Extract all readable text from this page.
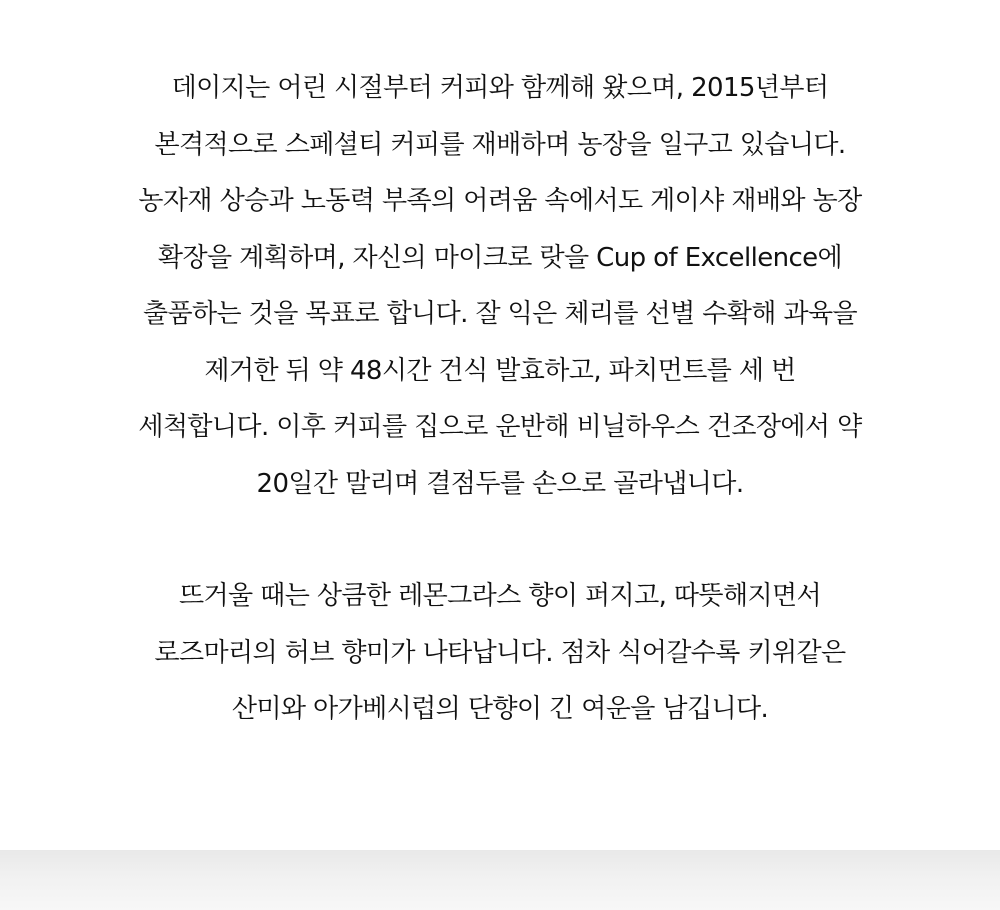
데이지는 어린 시절부터 커피와 함께해 왔으며, 2015년부터
본격적으로 스페셜티 커피를 재배하며 농장을 일구고 있습니다.
농자재 상승과 노동력 부족의 어려움 속에서도 게이샤 재배와 농장
확장을 계획하며, 자신의 마이크로 랏을 Cup of Excellence에
출품하는 것을 목표로 합니다. 잘 익은 체리를 선별 수확해 과육을
제거한 뒤 약 48시간 건식 발효하고, 파치먼트를 세 번
세척합니다. 이후 커피를 집으로 운반해 비닐하우스 건조장에서 약
20일간 말리며 결점두를 손으로 골라냅니다.

뜨거울 때는 상큼한 레몬그라스 향이 퍼지고, 따뜻해지면서
로즈마리의 허브 향미가 나타납니다. 점차 식어갈수록 키위같은
산미와 아가베시럽의 단향이 긴 여운을 남깁니다.
